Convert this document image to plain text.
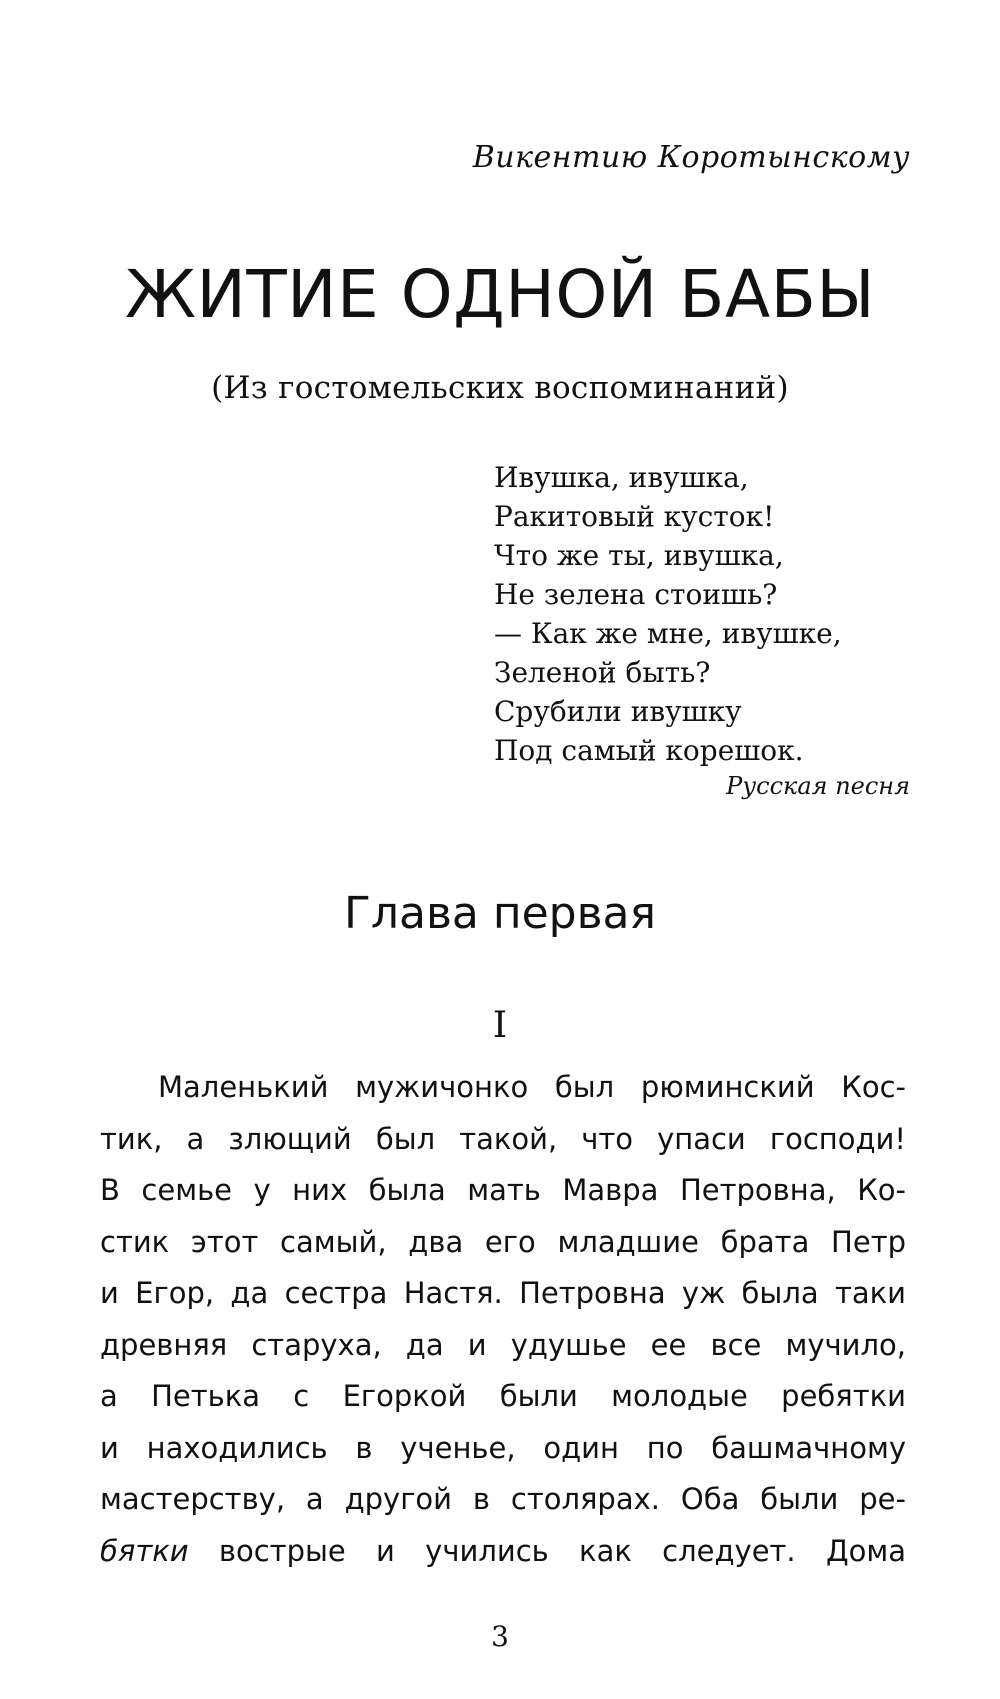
Викентию Коротынскому
ЖИТИЕ ОДНОЙ БАБЫ
(Из гостомельских воспоминаний)
Ивушка, ивушка,
Ракитовый кусток!
Что же ты, ивушка,
Не зелена стоишь?
— Как же мне, ивушке,
Зеленой быть?
Срубили ивушку
Под самый корешок.
Русская песня
Глава первая
I
Маленький мужичонко был рюминский Кос-
тик, а злющий был такой, что упаси господи!
В семье у них была мать Мавра Петровна, Ко-
стик этот самый, два его младшие брата Петр
и Егор, да сестра Настя. Петровна уж была таки
древняя старуха, да и удушье ее все мучило,
а Петька с Егоркой были молодые ребятки
и находились в ученье, один по башмачному
мастерству, а другой в столярах. Оба были ре-
бятки вострые и учились как следует. Дома
3
